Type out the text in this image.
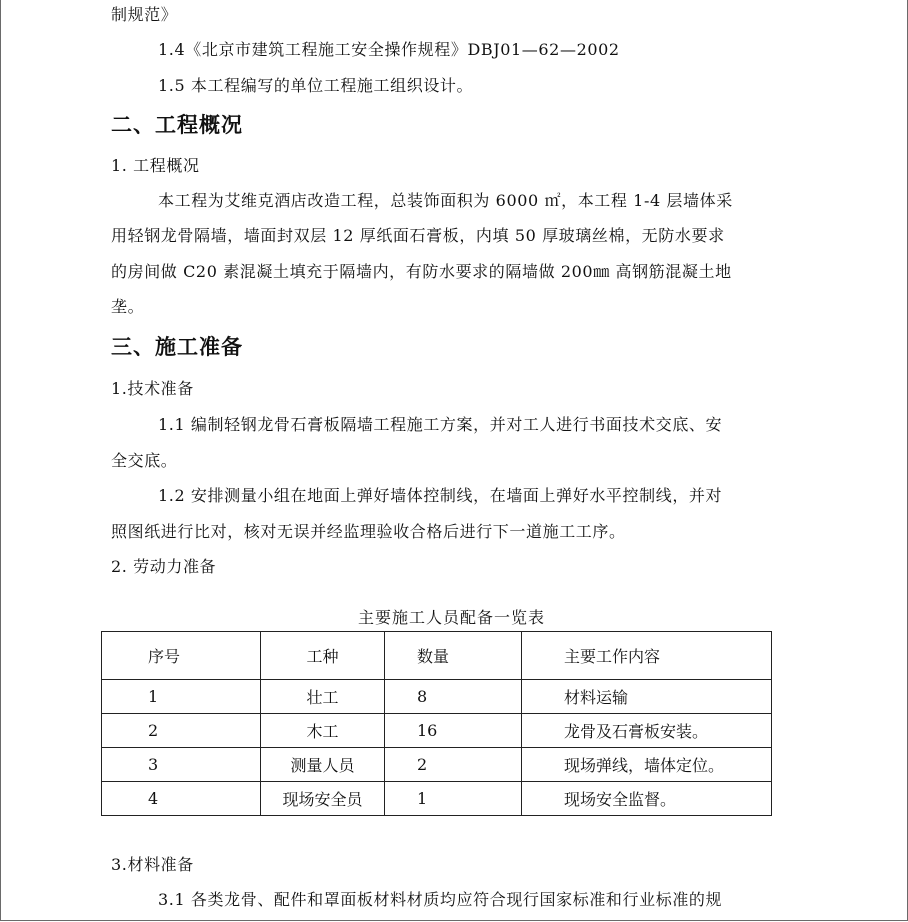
制规范》
1.4《北京市建筑工程施工安全操作规程》DBJ01—62—2002
1.5 本工程编写的单位工程施工组织设计。
二、工程概况
1. 工程概况
本工程为艾维克酒店改造工程，总装饰面积为 6000 ㎡，本工程 1-4 层墙体采
用轻钢龙骨隔墙，墙面封双层 12 厚纸面石膏板，内填 50 厚玻璃丝棉，无防水要求
的房间做 C20 素混凝土填充于隔墙内，有防水要求的隔墙做 200㎜ 高钢筋混凝土地
垄。
三、施工准备
1.技术准备
1.1 编制轻钢龙骨石膏板隔墙工程施工方案，并对工人进行书面技术交底、安
全交底。
1.2 安排测量小组在地面上弹好墙体控制线，在墙面上弹好水平控制线，并对
照图纸进行比对，核对无误并经监理验收合格后进行下一道施工工序。
2. 劳动力准备
主要施工人员配备一览表
序号	工种	数量	主要工作内容
1	壮工	8	材料运输
2	木工	16	龙骨及石膏板安装。
3	测量人员	2	现场弹线，墙体定位。
4	现场安全员	1	现场安全监督。
3.材料准备
3.1 各类龙骨、配件和罩面板材料材质均应符合现行国家标准和行业标准的规
